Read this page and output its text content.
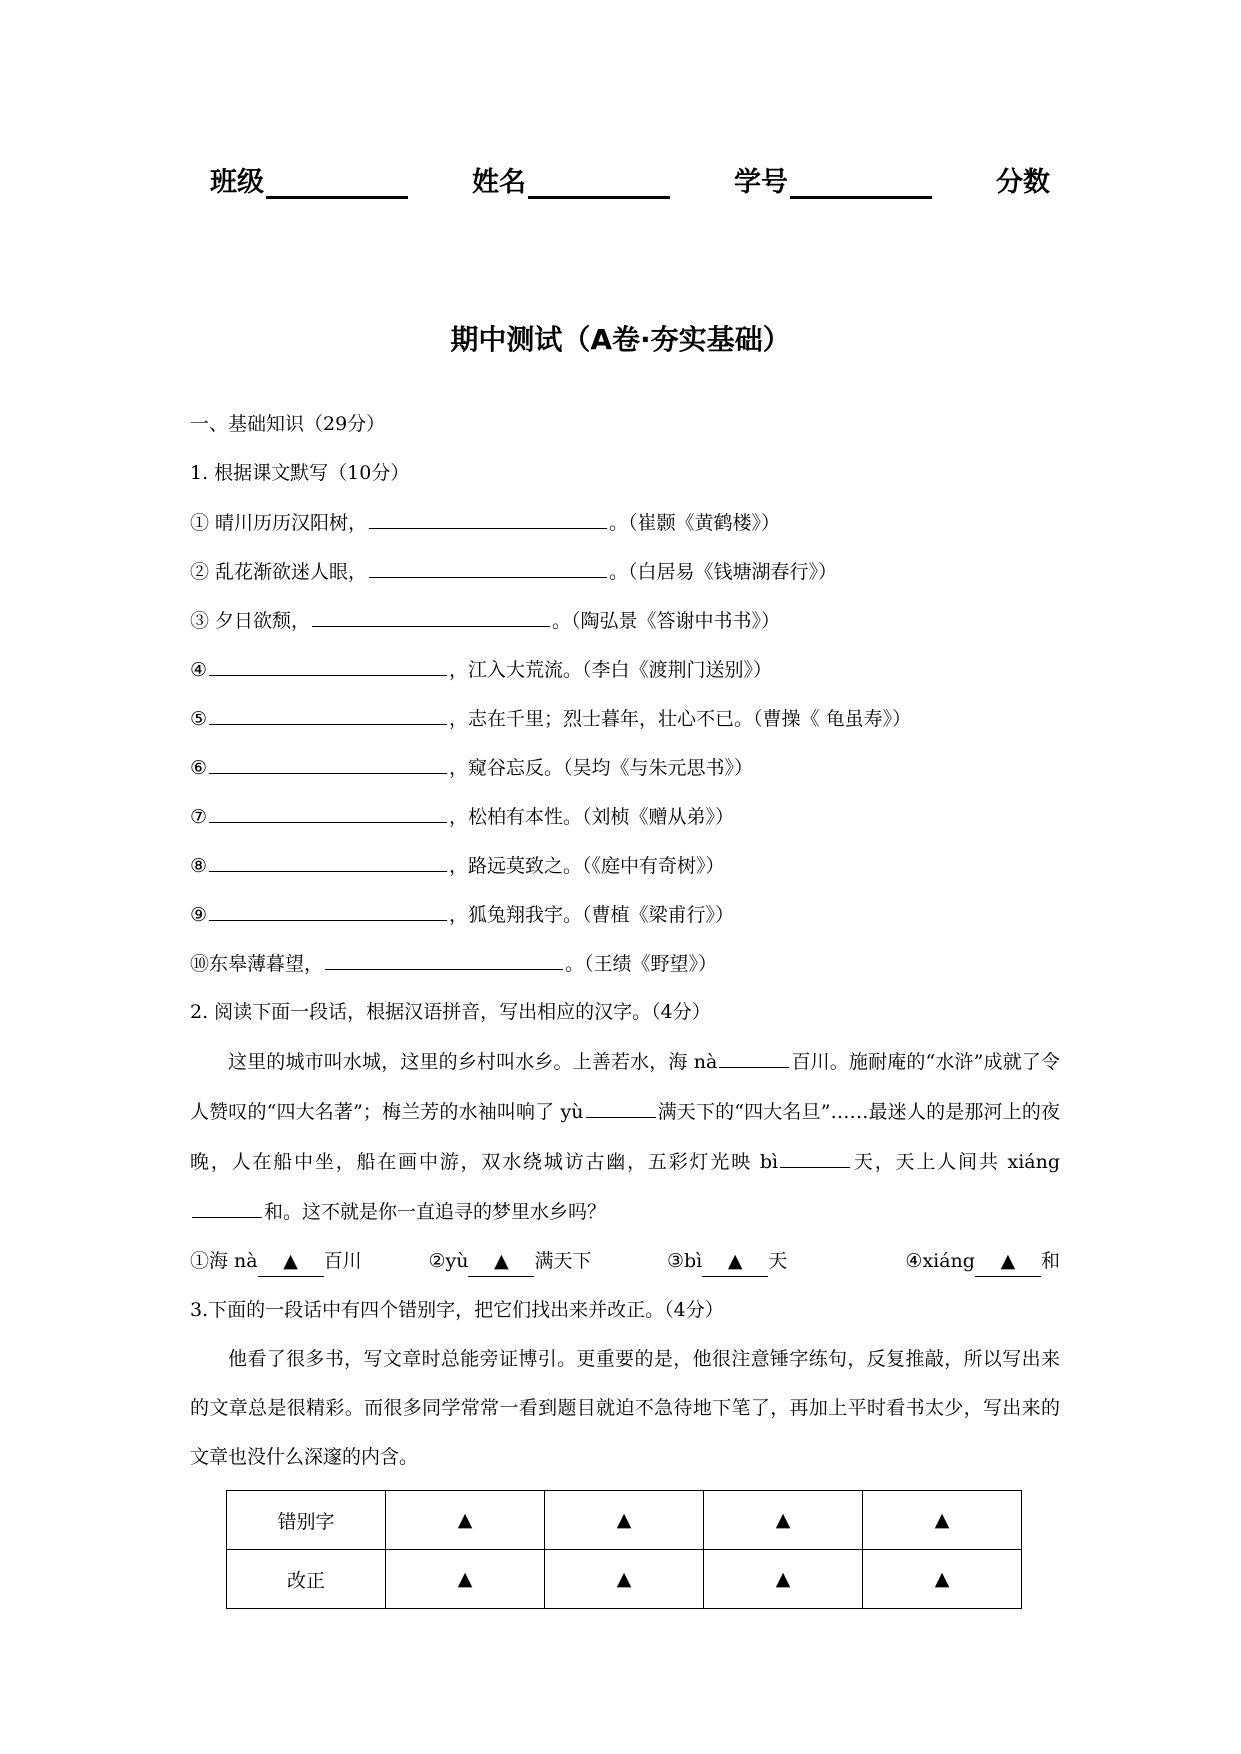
班级	姓名	学号	分数
期中测试（A卷·夯实基础）
一、基础知识（29分）
1. 根据课文默写（10分）
① 晴川历历汉阳树，	。（崔颢《黄鹤楼》）
② 乱花渐欲迷人眼，	。（白居易《钱塘湖春行》）
③ 夕日欲颓，	。（陶弘景《答谢中书书》）
④	，江入大荒流。（李白《渡荆门送别》）
⑤	，志在千里；烈士暮年，壮心不已。（曹操《 龟虽寿》）
⑥	，窥谷忘反。（吴均《与朱元思书》）
⑦	，松柏有本性。（刘桢《赠从弟》）
⑧	，路远莫致之。（《庭中有奇树》）
⑨	，狐兔翔我宇。（曹植《梁甫行》）
⑩东皋薄暮望，	。（王绩《野望》）
2. 阅读下面一段话，根据汉语拼音，写出相应的汉字。（4分）
这里的城市叫水城，这里的乡村叫水乡。上善若水，海 nà	百川。施耐庵的“水浒”成就了令人赞叹的“四大名著”；梅兰芳的水袖叫响了 yù	满天下的“四大名旦”……最迷人的是那河上的夜晚，人在船中坐，船在画中游，双水绕城访古幽，五彩灯光映 bì	天，天上人间共 xiáng和。这不就是你一直追寻的梦里水乡吗？
①海 nà ▲ 百川	②yù ▲ 满天下	③bì ▲ 天	④xiáng ▲ 和
3.下面的一段话中有四个错别字，把它们找出来并改正。（4分）
他看了很多书，写文章时总能旁证博引。更重要的是，他很注意锤字练句，反复推敲，所以写出来的文章总是很精彩。而很多同学常常一看到题目就迫不急待地下笔了，再加上平时看书太少，写出来的文章也没什么深邃的内含。
错别字	▲	▲	▲	▲
改正	▲	▲	▲	▲
